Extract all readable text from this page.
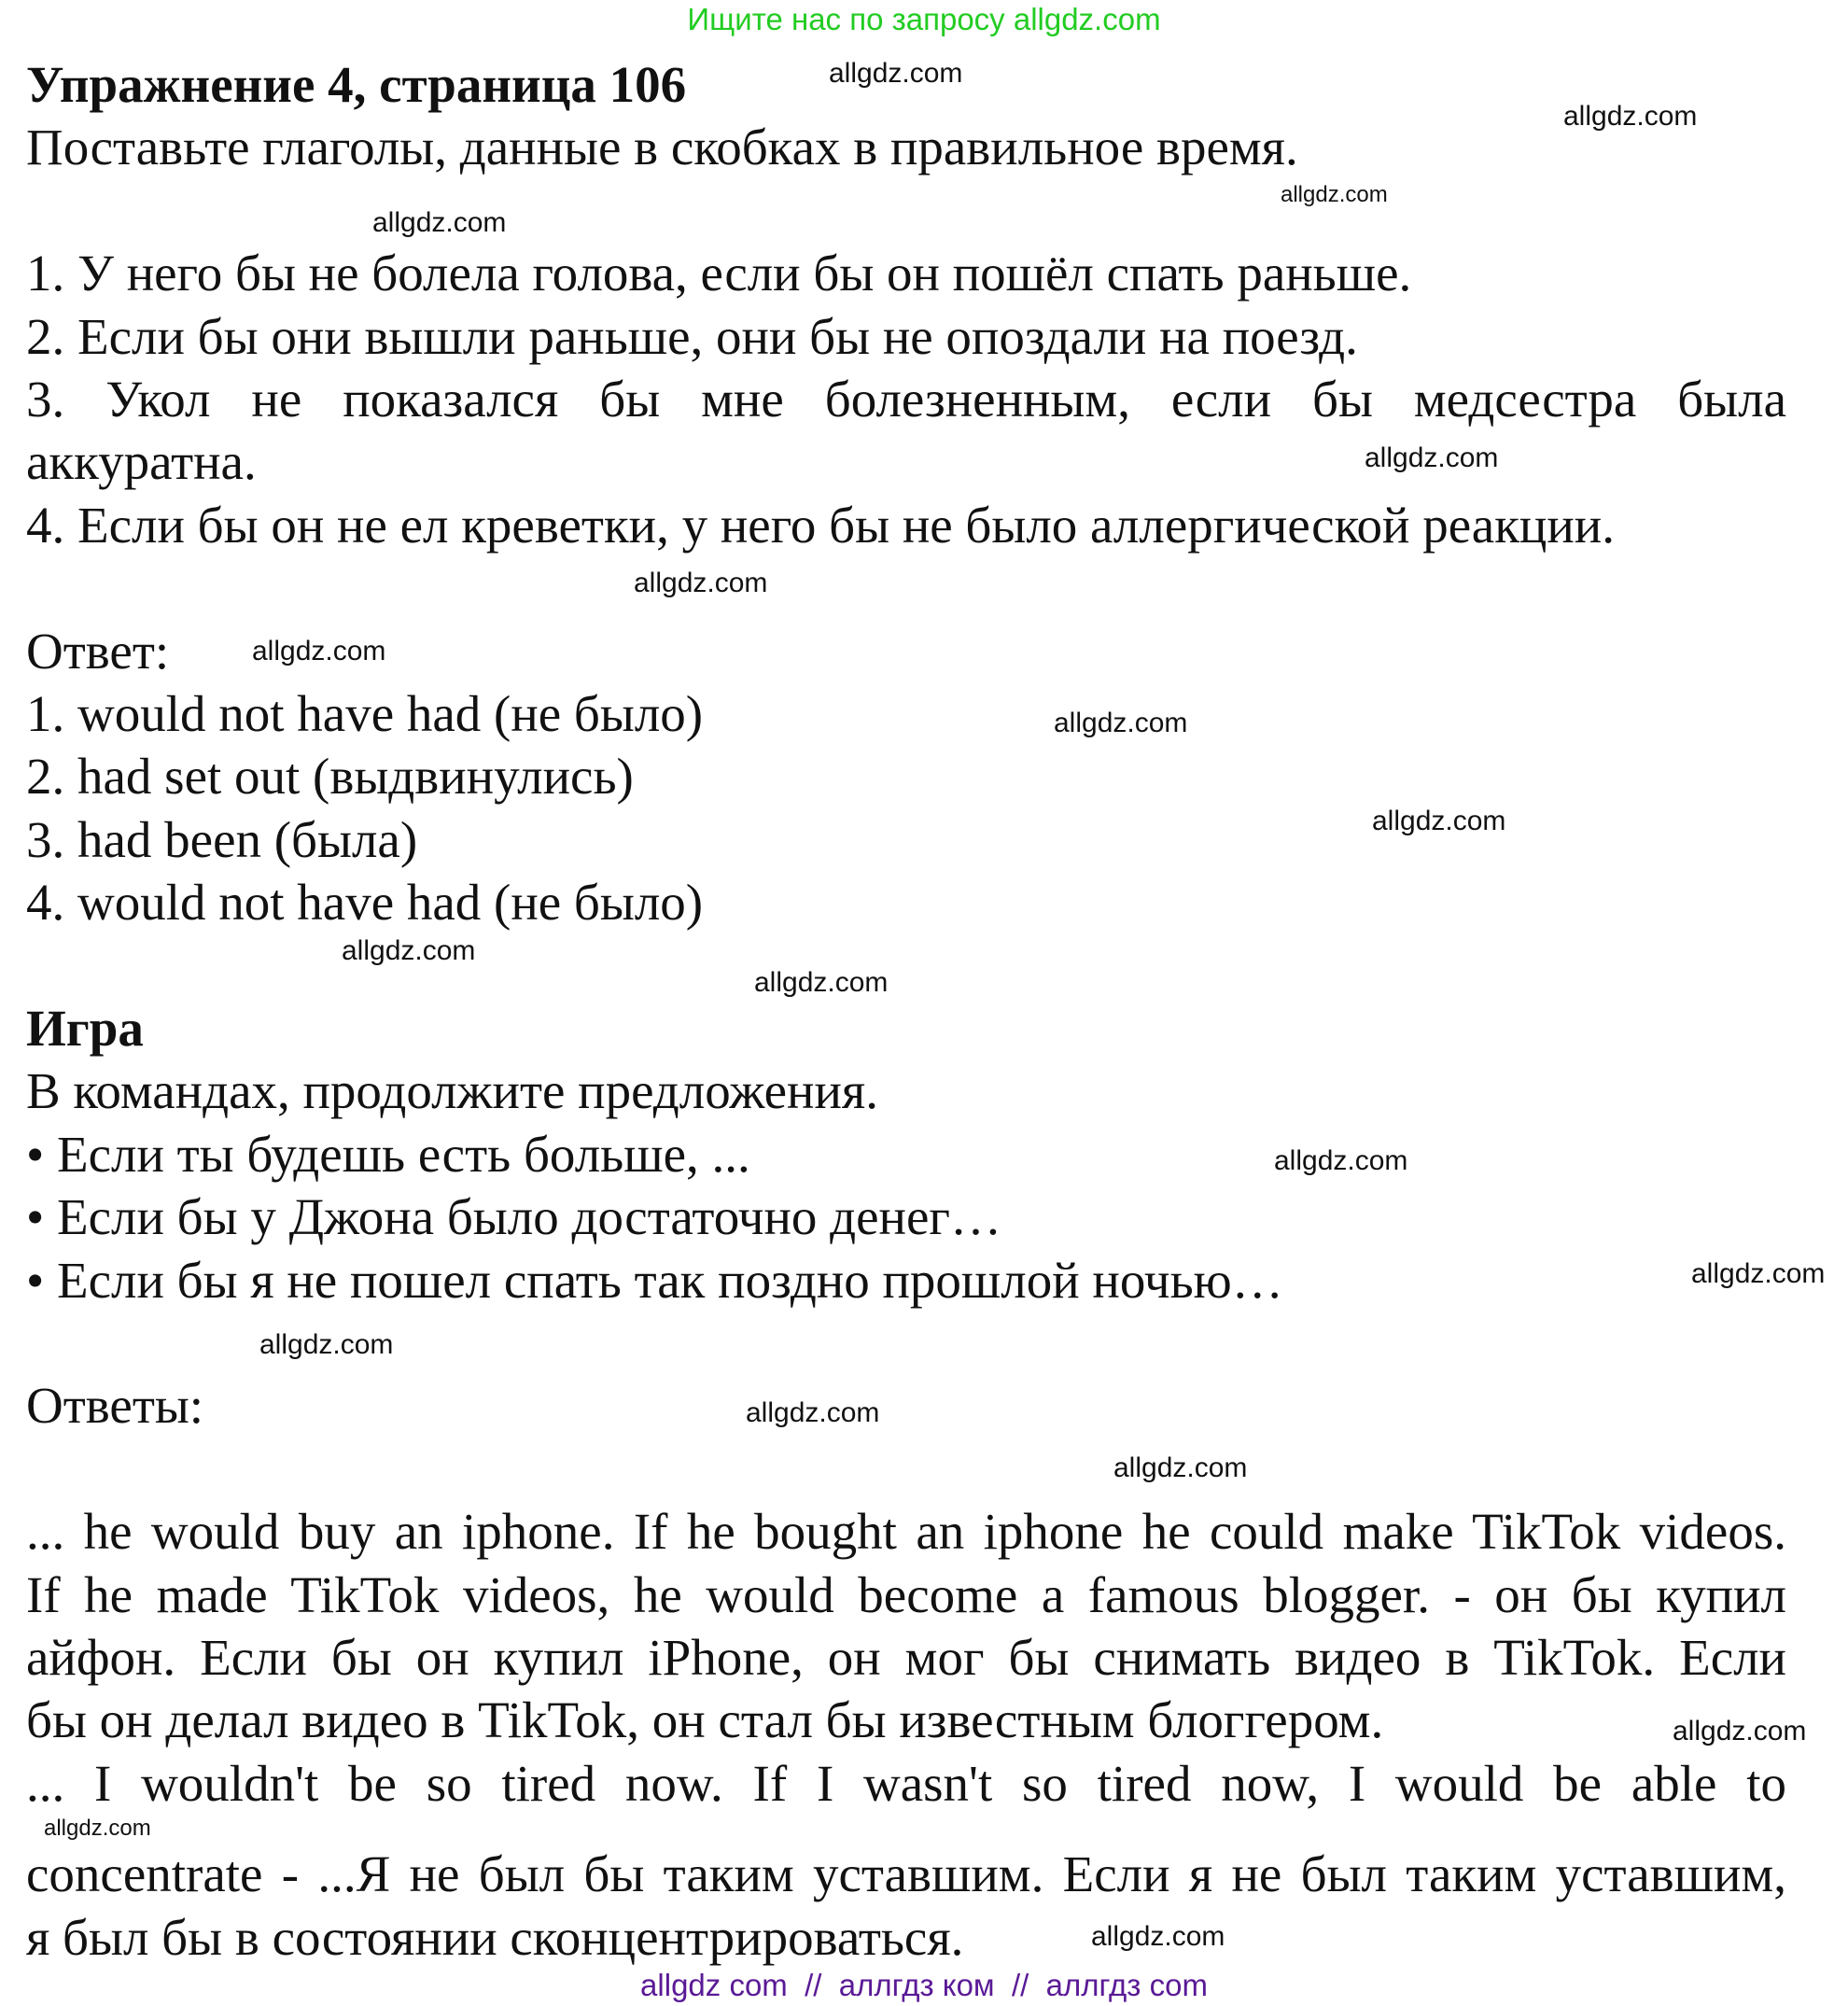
Ищите нас по запросу allgdz.com
Упражнение 4, страница 106
Поставьте глаголы, данные в скобках в правильное время.
1. У него бы не болела голова, если бы он пошёл спать раньше.
2. Если бы они вышли раньше, они бы не опоздали на поезд.
3. Укол не показался бы мне болезненным, если бы медсестра была
аккуратна.
4. Если бы он не ел креветки, у него бы не было аллергической реакции.
Ответ:
1. would not have had (не было)
2. had set out (выдвинулись)
3. had been (была)
4. would not have had (не было)
Игра
В командах, продолжите предложения.
• Если ты будешь есть больше, ...
• Если бы у Джона было достаточно денег…
• Если бы я не пошел спать так поздно прошлой ночью…
Ответы:
... he would buy an iphone. If he bought an iphone he could make TikTok videos.
If he made TikTok videos, he would become a famous blogger. - он бы купил
айфон. Если бы он купил iPhone, он мог бы снимать видео в TikTok. Если
бы он делал видео в TikTok, он стал бы известным блоггером.
... I wouldn't be so tired now. If I wasn't so tired now, I would be able to
concentrate - ...Я не был бы таким уставшим. Если я не был таким уставшим,
я был бы в состоянии сконцентрироваться.
allgdz.com
allgdz.com
allgdz.com
allgdz.com
allgdz.com
allgdz.com
allgdz.com
allgdz.com
allgdz.com
allgdz.com
allgdz.com
allgdz.com
allgdz.com
allgdz.com
allgdz.com
allgdz.com
allgdz.com
allgdz.com
allgdz.com
allgdz com  //  аллгдз ком  //  аллгдз com
